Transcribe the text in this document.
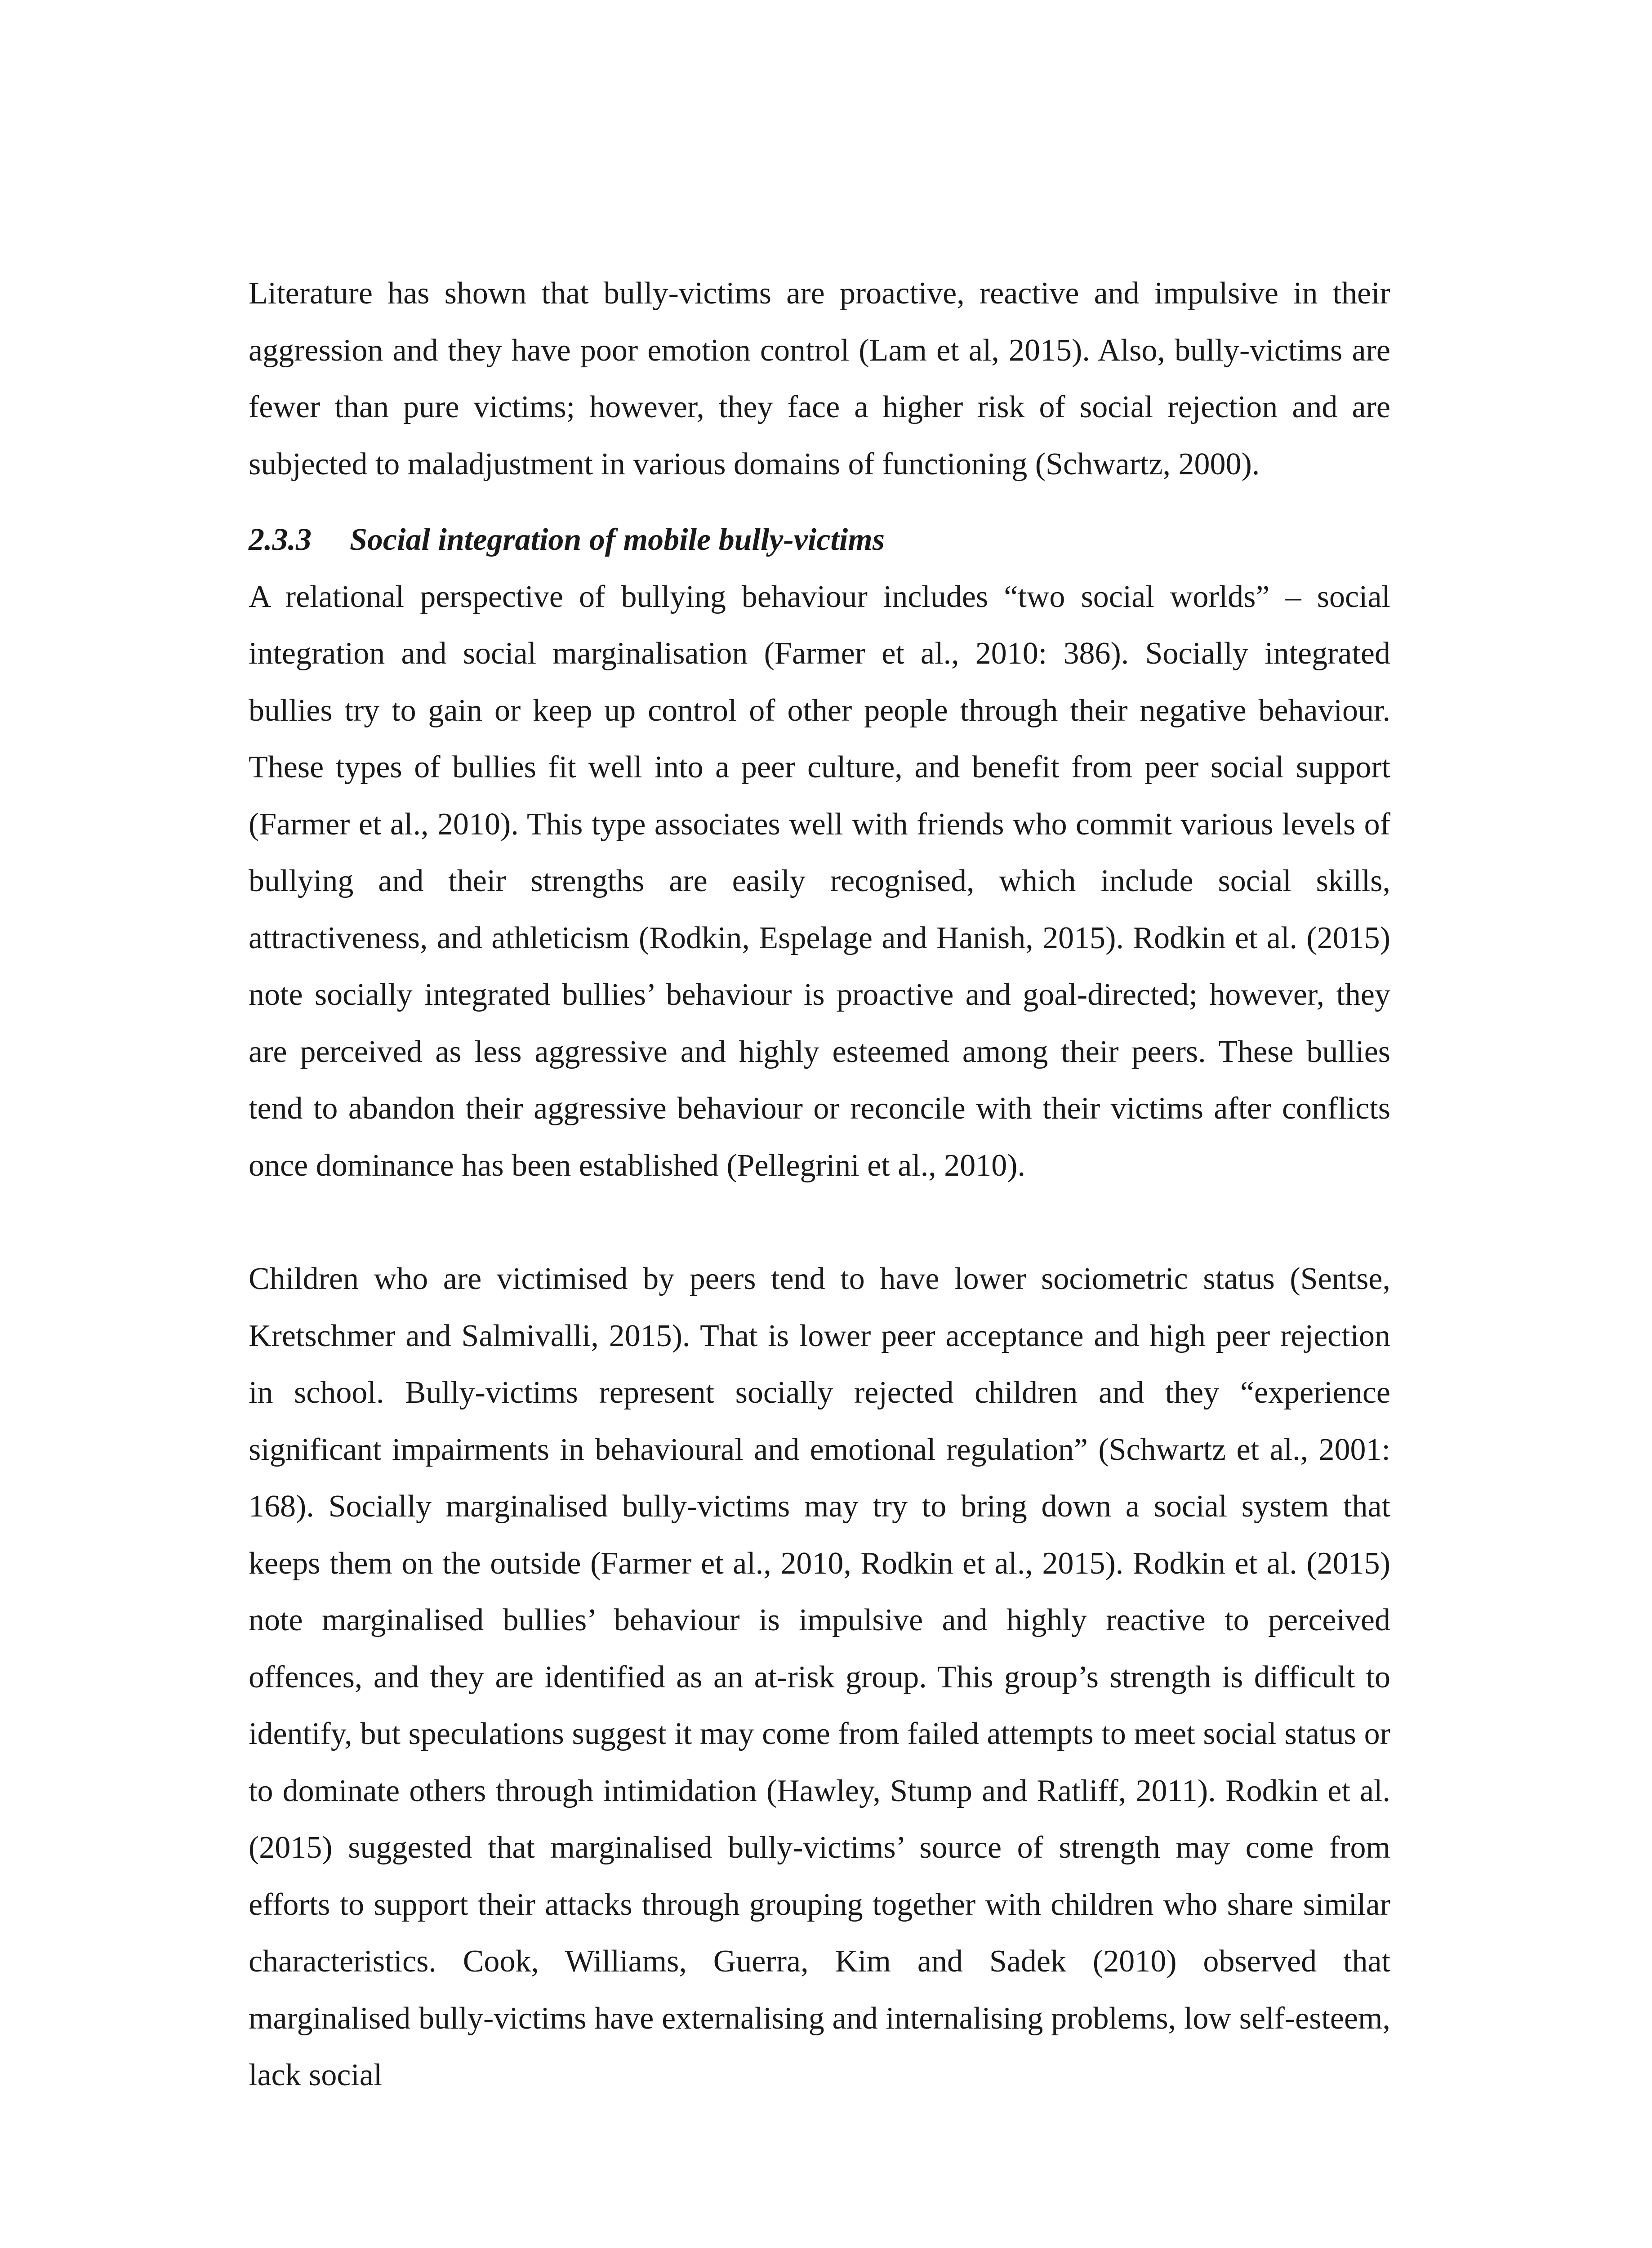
Literature has shown that bully-victims are proactive, reactive and impulsive in their aggression and they have poor emotion control (Lam et al, 2015). Also, bully-victims are fewer than pure victims; however, they face a higher risk of social rejection and are subjected to maladjustment in various domains of functioning (Schwartz, 2000).

2.3.3 Social integration of mobile bully-victims

A relational perspective of bullying behaviour includes “two social worlds” – social integration and social marginalisation (Farmer et al., 2010: 386). Socially integrated bullies try to gain or keep up control of other people through their negative behaviour. These types of bullies fit well into a peer culture, and benefit from peer social support (Farmer et al., 2010). This type associates well with friends who commit various levels of bullying and their strengths are easily recognised, which include social skills, attractiveness, and athleticism (Rodkin, Espelage and Hanish, 2015). Rodkin et al. (2015) note socially integrated bullies’ behaviour is proactive and goal-directed; however, they are perceived as less aggressive and highly esteemed among their peers. These bullies tend to abandon their aggressive behaviour or reconcile with their victims after conflicts once dominance has been established (Pellegrini et al., 2010).

Children who are victimised by peers tend to have lower sociometric status (Sentse, Kretschmer and Salmivalli, 2015). That is lower peer acceptance and high peer rejection in school. Bully-victims represent socially rejected children and they “experience significant impairments in behavioural and emotional regulation” (Schwartz et al., 2001: 168). Socially marginalised bully-victims may try to bring down a social system that keeps them on the outside (Farmer et al., 2010, Rodkin et al., 2015). Rodkin et al. (2015) note marginalised bullies’ behaviour is impulsive and highly reactive to perceived offences, and they are identified as an at-risk group. This group’s strength is difficult to identify, but speculations suggest it may come from failed attempts to meet social status or to dominate others through intimidation (Hawley, Stump and Ratliff, 2011). Rodkin et al. (2015) suggested that marginalised bully-victims’ source of strength may come from efforts to support their attacks through grouping together with children who share similar characteristics. Cook, Williams, Guerra, Kim and Sadek (2010) observed that marginalised bully-victims have externalising and internalising problems, low self-esteem, lack social
